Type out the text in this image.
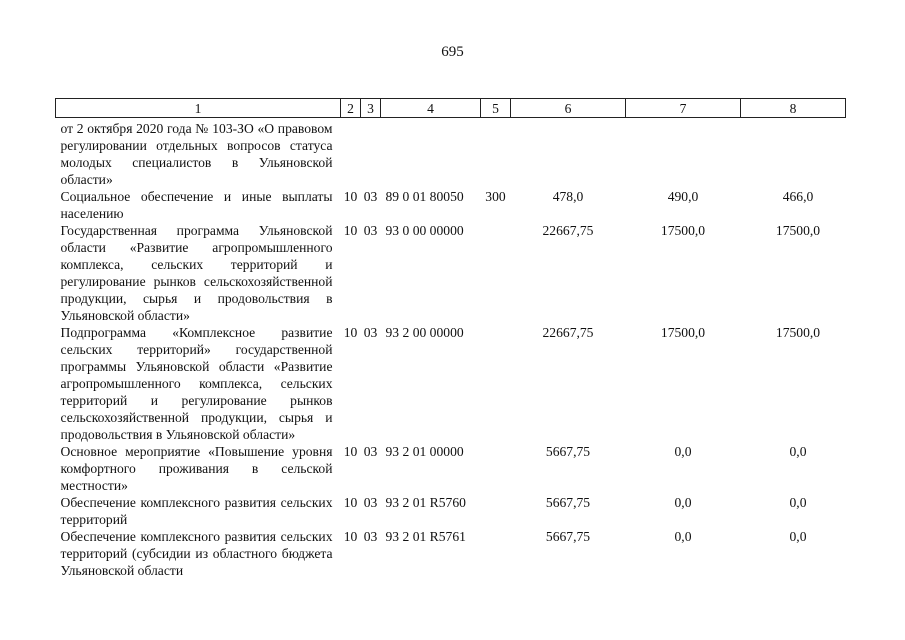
695
1	2	3	4	5	6	7	8
от 2 октября 2020 года № 103-ЗО «О правовом регулировании отдельных вопросов статуса молодых специалистов в Ульяновской области»							
Социальное обеспечение и иные выплаты населению	10	03	89 0 01 80050	300	478,0	490,0	466,0
Государственная программа Ульяновской области «Развитие агропромышленного комплекса, сельских территорий и регулирование рынков сельскохозяйственной продукции, сырья и продовольствия в Ульяновской области»	10	03	93 0 00 00000		22667,75	17500,0	17500,0
Подпрограмма «Комплексное развитие сельских территорий» государственной программы Ульяновской области «Развитие агропромышленного комплекса, сельских территорий и регулирование рынков сельскохозяйственной продукции, сырья и продовольствия в Ульяновской области»	10	03	93 2 00 00000		22667,75	17500,0	17500,0
Основное мероприятие «Повышение уровня комфортного проживания в сельской местности»	10	03	93 2 01 00000		5667,75	0,0	0,0
Обеспечение комплексного развития сельских территорий	10	03	93 2 01 R5760		5667,75	0,0	0,0
Обеспечение комплексного развития сельских территорий (субсидии из областного бюджета Ульяновской области	10	03	93 2 01 R5761		5667,75	0,0	0,0
